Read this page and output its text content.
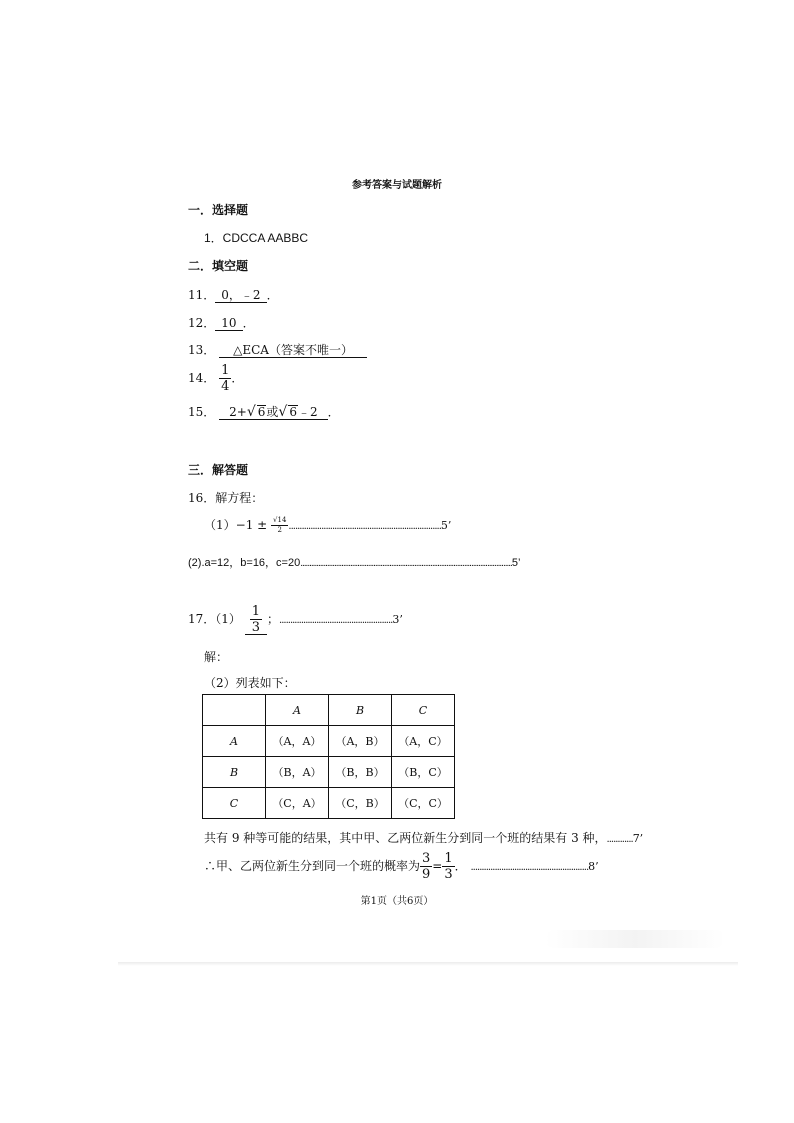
参考答案与试题解析
一．选择题
1．CDCCA AABBC
二．填空题
11． 0，﹣2 ．
12． 10 ．
13． △ECA（答案不唯一）
14． $\frac{1}{4}$ ．
15． 2+√ 6或√ 6﹣2 ．
三．解答题
16．解方程：
$(1)-1 \pm \frac{√14}{2} ......................................................................5$’
(2).a=12，b=16，c=20.......................................................................................................................5’
17．$(1) \frac{1}{3}$ ；....................................................3’
解：
（2）列表如下：
	A	B	C
A	（A，A）	（A，B）	（A，C）
B	（B，A）	（B，B）	（B，C）
C	（C，A）	（C，B）	（C，C）
共有 9 种等可能的结果，其中甲、乙两位新生分到同一个班的结果有 3 种，............7’
∴甲、乙两位新生分到同一个班的概率为 $\frac{3}{9} = \frac{1}{3}$ ． ......................................................8’
第1页（共6页）
